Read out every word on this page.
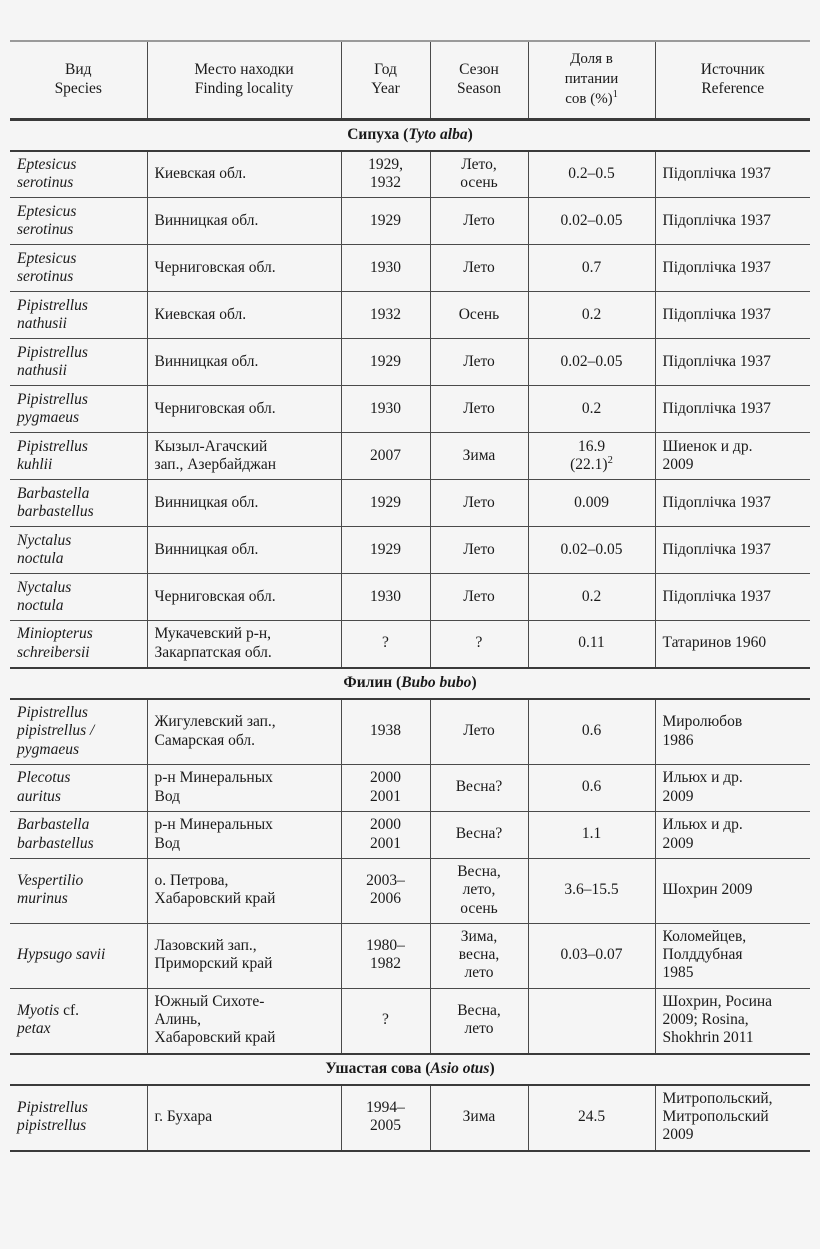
Вид
Species	Место находки
Finding locality	Год
Year	Сезон
Season	Доля в
питании
сов (%)$^1$	Источник
Reference

Сипуха (Tyto alba)					

Eptesicus
serotinus	Киевская обл.	1929,
1932	Лето,
осень	0.2–0.5	Підоплічка 1937

Eptesicus
serotinus	Винницкая обл.	1929	Лето	0.02–0.05	Підоплічка 1937

Eptesicus
serotinus	Черниговская обл.	1930	Лето	0.7	Підоплічка 1937

Pipistrellus
nathusii	Киевская обл.	1932	Осень	0.2	Підоплічка 1937

Pipistrellus
nathusii	Винницкая обл.	1929	Лето	0.02–0.05	Підоплічка 1937

Pipistrellus
pygmaeus	Черниговская обл.	1930	Лето	0.2	Підоплічка 1937

Pipistrellus
kuhlii	Кызыл-Агачский
зап., Азербайджан	2007	Зима	16.9
$(22.1)^2$	Шиенок и др.
2009

Barbastella
barbastellus	Винницкая обл.	1929	Лето	0.009	Підоплічка 1937

Nyctalus
noctula	Винницкая обл.	1929	Лето	0.02–0.05	Підоплічка 1937

Nyctalus
noctula	Черниговская обл.	1930	Лето	0.2	Підоплічка 1937

Miniopterus
schreibersii	Мукачевский р-н,
Закарпатская обл.	?	?	0.11	Татаринов 1960

Филин (Bubo bubo)					

Pipistrellus
pipistrellus /
pygmaeus	Жигулевский зап.,
Самарская обл.	1938	Лето	0.6	Миролюбов
1986

Plecotus
auritus	р-н Минеральных
Вод	2000
2001	Весна?	0.6	Ильюх и др.
2009

Barbastella
barbastellus	р-н Минеральных
Вод	2000
2001	Весна?	1.1	Ильюх и др.
2009

Vespertilio
murinus	о. Петрова,
Хабаровский край	2003–
2006	Весна,
лето,
осень	3.6–15.5	Шохрин 2009

Hypsugo savii	Лазовский зап.,
Приморский край	1980–
1982	Зима,
весна,
лето	0.03–0.07	Коломейцев,
Полддубная
1985

Myotis cf.
petax	Южный Сихоте-
Алинь,
Хабаровский край	?	Весна,
лето		Шохрин, Росина
2009; Rosina,
Shokhrin 2011

Ушастая сова (Asio otus)					

Pipistrellus
pipistrellus	г. Бухара	1994–
2005	Зима	24.5	Митропольский,
Митропольский
2009
